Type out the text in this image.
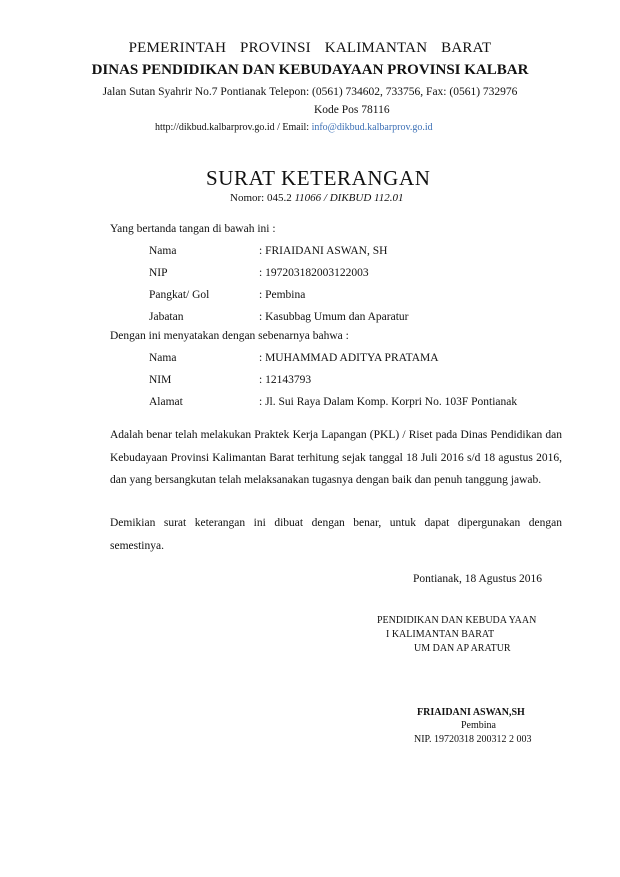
PEMERINTAH PROVINSI KALIMANTAN BARAT
DINAS PENDIDIKAN DAN KEBUDAYAAN PROVINSI KALBAR
Jalan Sutan Syahrir No.7 Pontianak Telepon: (0561) 734602, 733756, Fax: (0561) 732976
Kode Pos 78116
http://dikbud.kalbarprov.go.id / Email: info@dikbud.kalbarprov.go.id
SURAT KETERANGAN
Nomor: 045.2 11066 / DIKBUD 112.01
Yang bertanda tangan di bawah ini :
Nama	: FRIAIDANI ASWAN, SH
NIP	: 197203182003122003
Pangkat/ Gol	: Pembina
Jabatan	: Kasubbag Umum dan Aparatur
Dengan ini menyatakan dengan sebenarnya bahwa :
Nama	: MUHAMMAD ADITYA PRATAMA
NIM	: 12143793
Alamat	: Jl. Sui Raya Dalam Komp. Korpri No. 103F Pontianak
Adalah benar telah melakukan Praktek Kerja Lapangan (PKL) / Riset pada Dinas Pendidikan dan Kebudayaan Provinsi Kalimantan Barat terhitung sejak tanggal 18 Juli 2016 s/d 18 agustus 2016, dan yang bersangkutan telah melaksanakan tugasnya dengan baik dan penuh tanggung jawab.
Demikian surat keterangan ini dibuat dengan benar, untuk dapat dipergunakan dengan semestinya.
Pontianak, 18 Agustus 2016
PENDIDIKAN DAN KEBUDA YAAN
I KALIMANTAN BARAT
UM DAN AP ARATUR
FRIAIDANI ASWAN,SH
Pembina
NIP. 19720318 200312 2 003
